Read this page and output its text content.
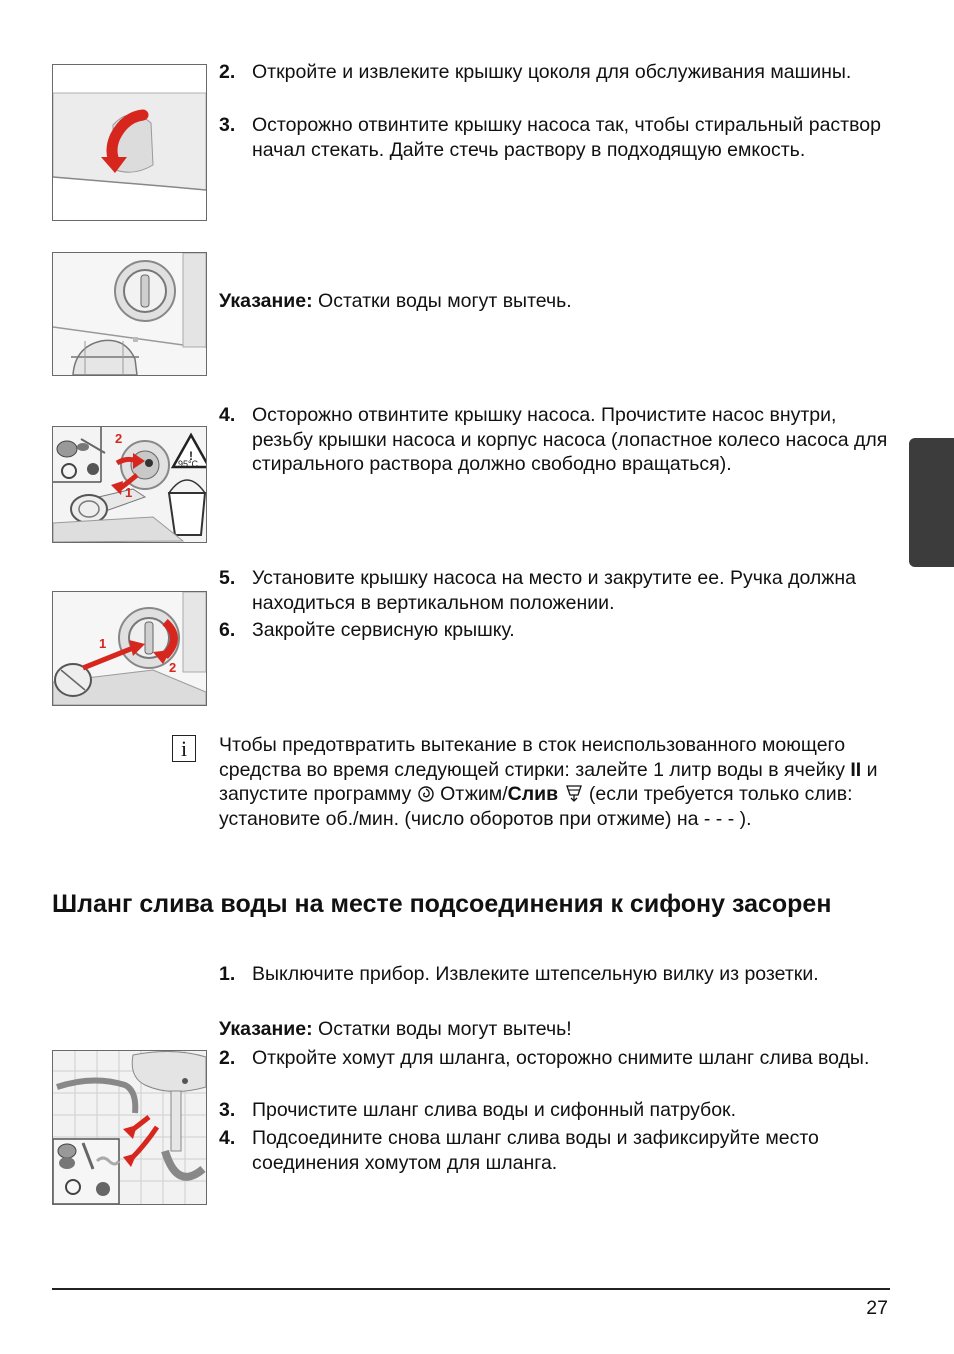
2. Откройте и извлеките крышку цоколя для обслуживания машины.
3. Осторожно отвинтите крышку насоса так, чтобы стиральный раствор начал стекать. Дайте стечь раствору в подходящую емкость.
Указание: Остатки воды могут вытечь.
!
95°C
2
1
4. Осторожно отвинтите крышку насоса. Прочистите насос внутри, резьбу крышки насоса и корпус насоса (лопастное колесо насоса для стирального раствора должно свободно вращаться).
1
2
5. Установите крышку насоса на место и закрутите ее. Ручка должна находиться в вертикальном положении.
6. Закройте сервисную крышку.
i	Чтобы предотвратить вытекание в сток неиспользованного моющего средства во время следующей стирки: залейте 1 литр воды в ячейку II и запустите программу  Отжим/Слив  (если требуется только слив: установите об./мин. (число оборотов при отжиме) на - - - ).
Шланг слива воды на месте подсоединения к сифону засорен
1. Выключите прибор. Извлеките штепсельную вилку из розетки.
Указание: Остатки воды могут вытечь!
2. Откройте хомут для шланга, осторожно снимите шланг слива воды.
3. Прочистите шланг слива воды и сифонный патрубок.
4. Подсоедините снова шланг слива воды и зафиксируйте место соединения хомутом для шланга.
27
